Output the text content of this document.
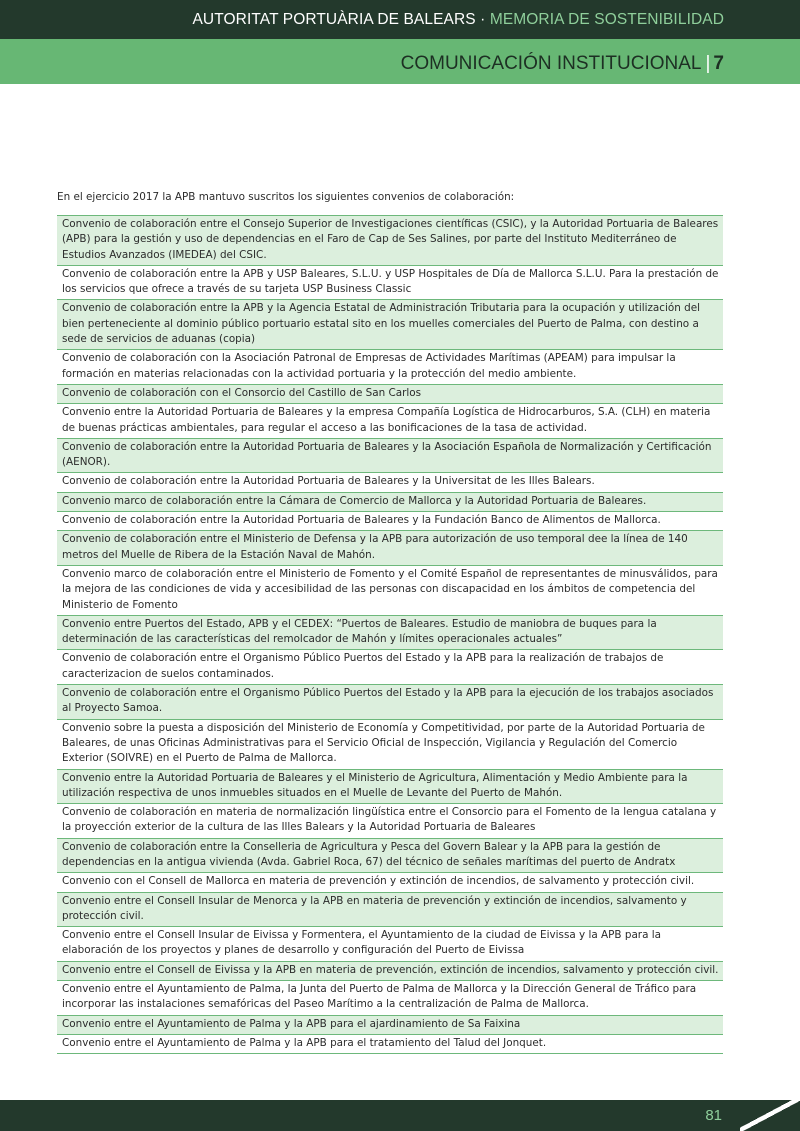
AUTORITAT PORTUÀRIA DE BALEARS · MEMORIA DE SOSTENIBILIDAD
COMUNICACIÓN INSTITUCIONAL | 7
En el ejercicio 2017 la APB mantuvo suscritos los siguientes convenios de colaboración:
Convenio de colaboración entre el Consejo Superior de Investigaciones científicas (CSIC), y la Autoridad Portuaria de Baleares (APB) para la gestión y uso de dependencias en el Faro de Cap de Ses Salines, por parte del Instituto Mediterráneo de Estudios Avanzados (IMEDEA) del CSIC.
Convenio de colaboración entre la APB y USP Baleares, S.L.U. y USP Hospitales de Día de Mallorca S.L.U. Para la prestación de los servicios que ofrece a través de su tarjeta USP Business Classic
Convenio de colaboración entre la APB y la Agencia Estatal de Administración Tributaria para la ocupación y utilización del bien perteneciente al dominio público portuario estatal sito en los muelles comerciales del Puerto de Palma, con destino a sede de servicios de aduanas (copia)
Convenio de colaboración con la Asociación Patronal de Empresas de Actividades Marítimas (APEAM) para impulsar la formación en materias relacionadas con la actividad portuaria y la protección del medio ambiente.
Convenio de colaboración con el Consorcio del Castillo de San Carlos
Convenio entre la Autoridad Portuaria de Baleares y la empresa Compañía Logística de Hidrocarburos, S.A. (CLH) en materia de buenas prácticas ambientales, para regular el acceso a las bonificaciones de la tasa de actividad.
Convenio de colaboración entre la Autoridad Portuaria de Baleares y la Asociación Española de Normalización y Certificación (AENOR).
Convenio de colaboración entre la Autoridad Portuaria de Baleares y la Universitat de les Illes Balears.
Convenio marco de colaboración entre la Cámara de Comercio de Mallorca y la Autoridad Portuaria de Baleares.
Convenio de colaboración entre la Autoridad Portuaria de Baleares y la Fundación Banco de Alimentos de Mallorca.
Convenio de colaboración entre el Ministerio de Defensa y la APB para autorización de uso temporal dee la línea de 140 metros del Muelle de Ribera de la Estación Naval de Mahón.
Convenio marco de colaboración entre el Ministerio de Fomento y el Comité Español de representantes de minusválidos, para la mejora de las condiciones de vida y accesibilidad de las personas con discapacidad en los ámbitos de competencia del Ministerio de Fomento
Convenio entre Puertos del Estado, APB y el CEDEX: “Puertos de Baleares. Estudio de maniobra de buques para la determinación de las características del remolcador de Mahón y límites operacionales actuales”
Convenio de colaboración entre el Organismo Público Puertos del Estado y la APB para la realización de trabajos de caracterizacion de suelos contaminados.
Convenio de colaboración entre el Organismo Público Puertos del Estado y la APB para la ejecución de los trabajos asociados al Proyecto Samoa.
Convenio sobre la puesta a disposición del Ministerio de Economía y Competitividad, por parte de la Autoridad Portuaria de Baleares, de unas Oficinas Administrativas para el Servicio Oficial de Inspección, Vigilancia y Regulación del Comercio Exterior (SOIVRE) en el Puerto de Palma de Mallorca.
Convenio entre la Autoridad Portuaria de Baleares y el Ministerio de Agricultura, Alimentación y Medio Ambiente para la utilización respectiva de unos inmuebles situados en el Muelle de Levante del Puerto de Mahón.
Convenio de colaboración en materia de normalización lingüística entre el Consorcio para el Fomento de la lengua catalana y la proyección exterior de la cultura de las Illes Balears y la Autoridad Portuaria de Baleares
Convenio de colaboración entre la Conselleria de Agricultura y Pesca del Govern Balear y la APB para la gestión de dependencias en la antigua vivienda (Avda. Gabriel Roca, 67) del técnico de señales marítimas del puerto de Andratx
Convenio con el Consell de Mallorca en materia de prevención y extinción de incendios, de salvamento y protección civil.
Convenio entre el Consell Insular de Menorca y la APB en materia de prevención y extinción de incendios, salvamento y protección civil.
Convenio entre el Consell Insular de Eivissa y Formentera, el Ayuntamiento de la ciudad de Eivissa y la APB para la elaboración de los proyectos y planes de desarrollo y configuración del Puerto de Eivissa
Convenio entre el Consell de Eivissa y la APB en materia de prevención, extinción de incendios, salvamento y protección civil.
Convenio entre el Ayuntamiento de Palma, la Junta del Puerto de Palma de Mallorca y la Dirección General de Tráfico para incorporar las instalaciones semafóricas del Paseo Marítimo a la centralización de Palma de Mallorca.
Convenio entre el Ayuntamiento de Palma y la APB para el ajardinamiento de Sa Faixina
Convenio entre el Ayuntamiento de Palma y la APB para el tratamiento del Talud del Jonquet.
81
